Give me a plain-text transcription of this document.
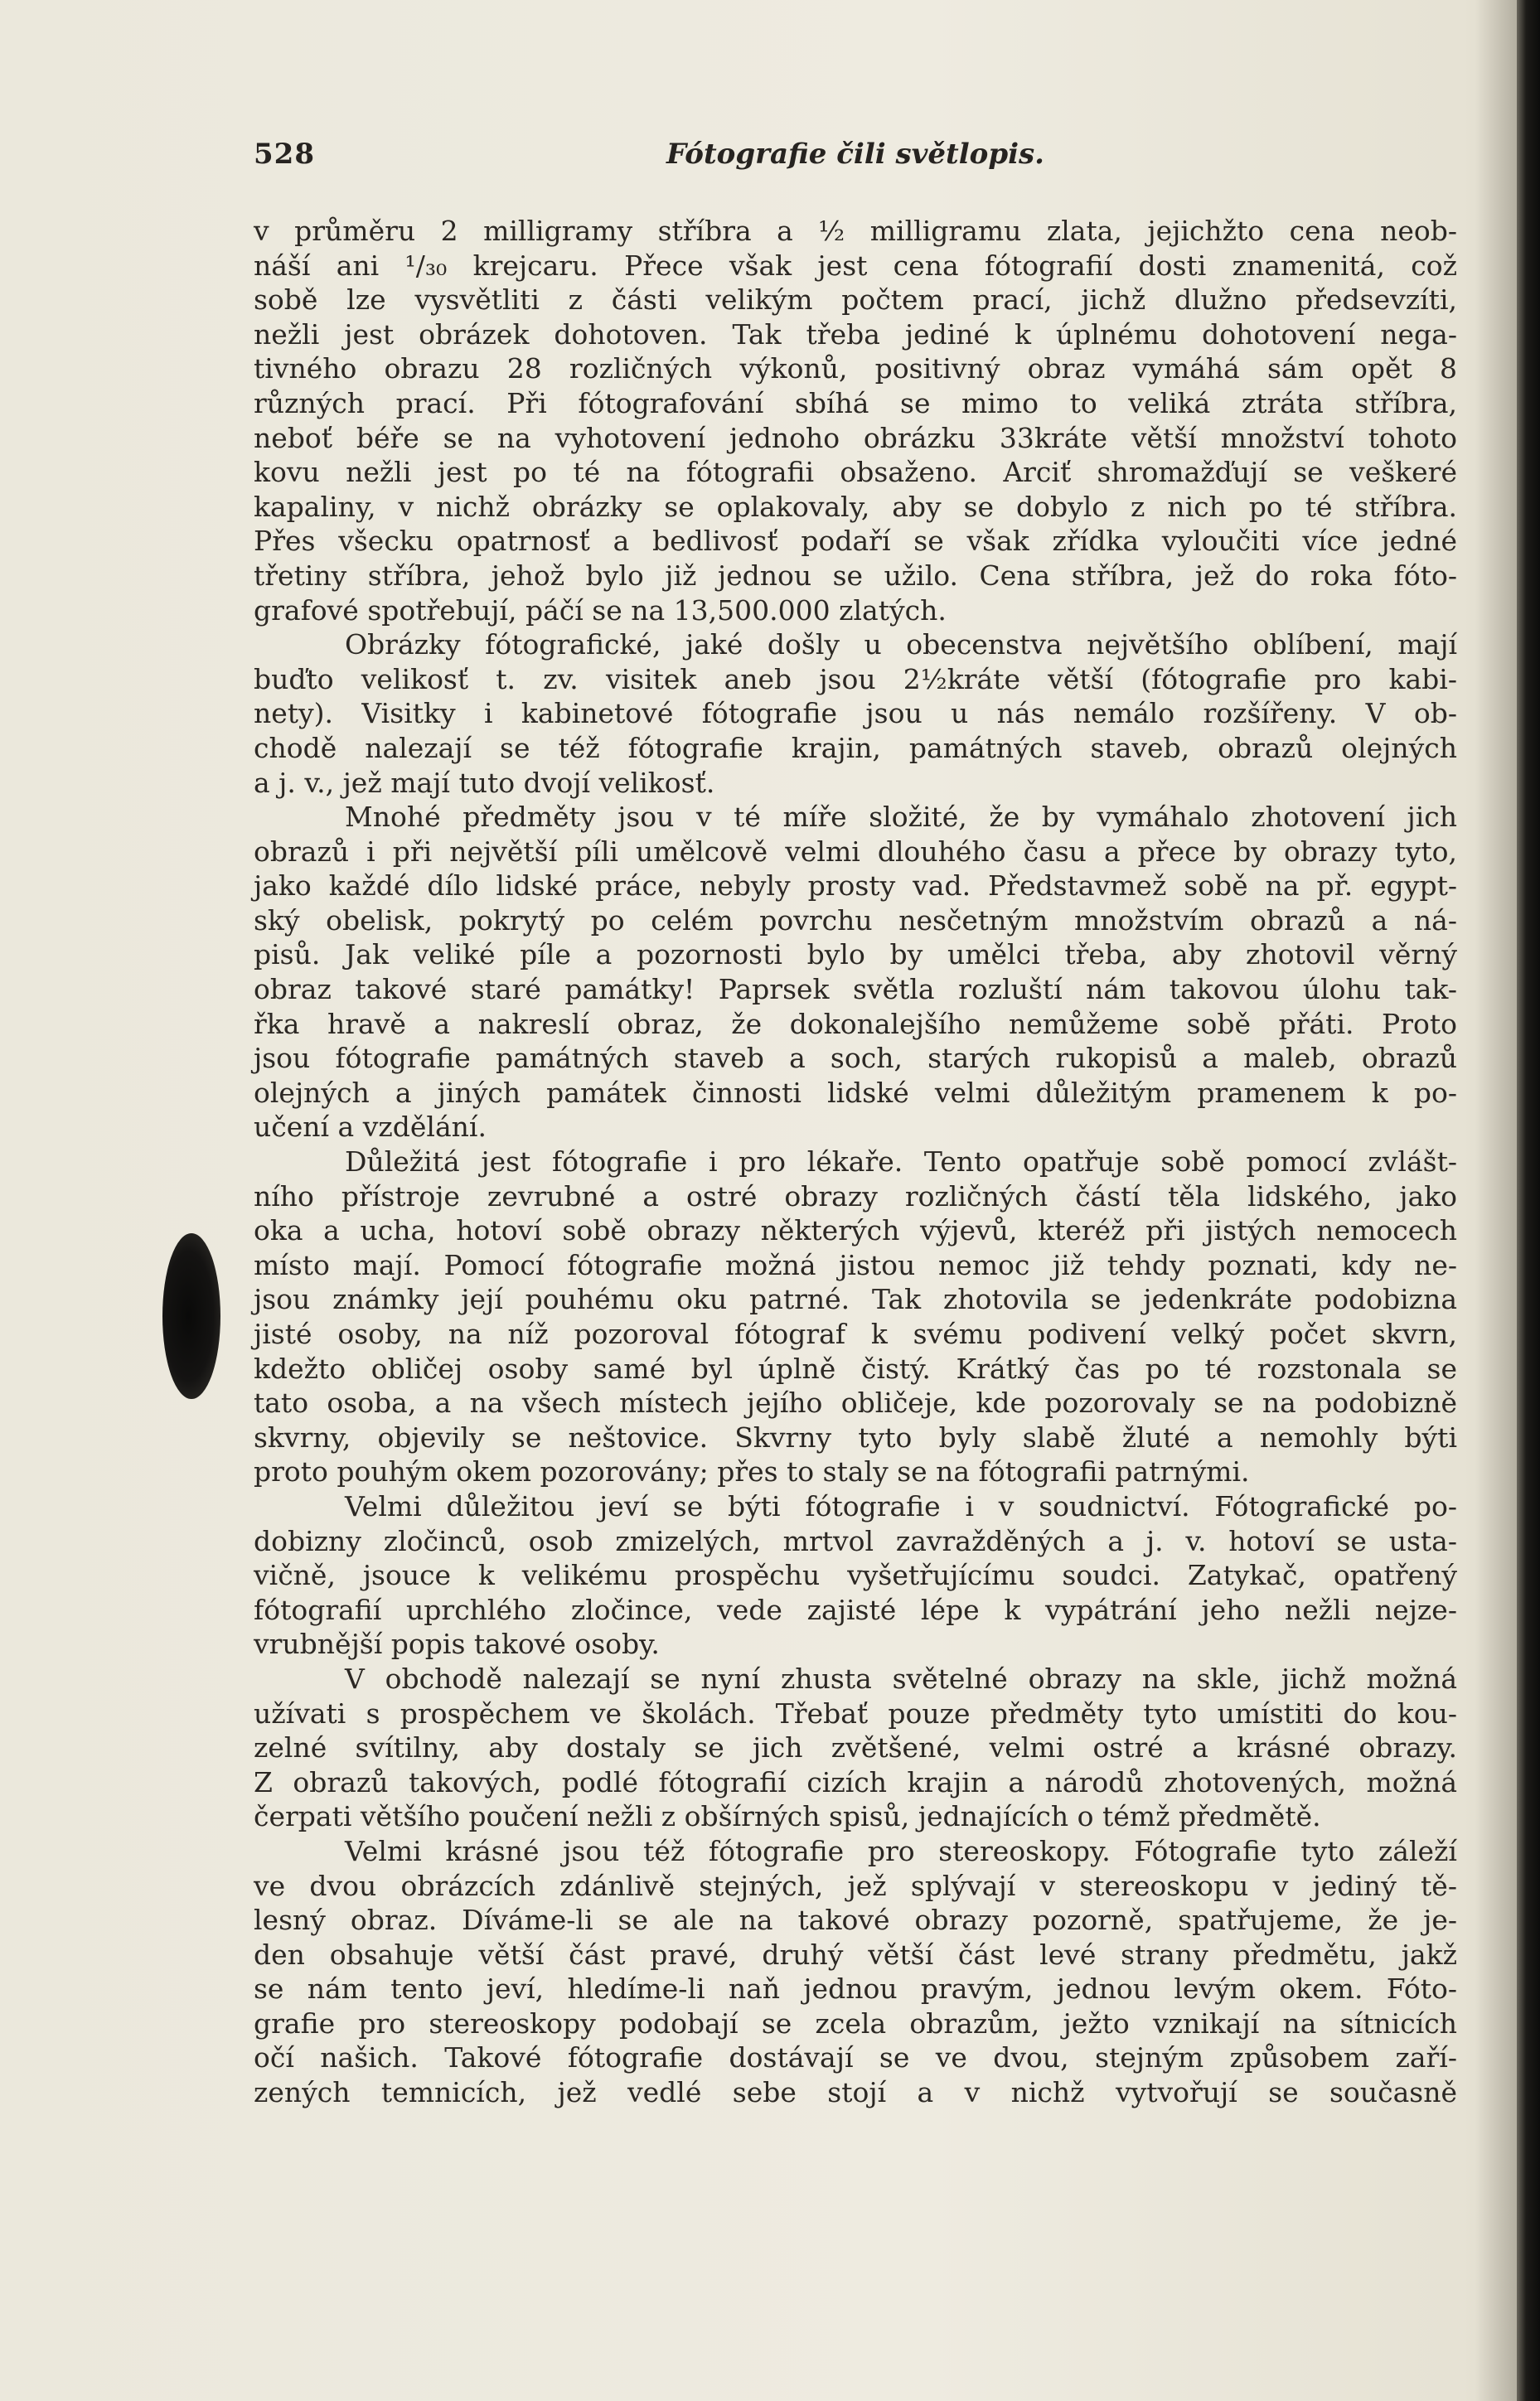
Fótografie čili světlopis.
528
v průměru 2 milligramy stříbra a ½ milligramu zlata, jejichžto cena neob-
náší ani ¹/₃₀ krejcaru. Přece však jest cena fótografií dosti znamenitá, což
sobě lze vysvětliti z části velikým počtem prací, jichž dlužno předsevzíti,
nežli jest obrázek dohotoven. Tak třeba jediné k úplnému dohotovení nega-
tivného obrazu 28 rozličných výkonů, positivný obraz vymáhá sám opět 8
různých prací. Při fótografování sbíhá se mimo to veliká ztráta stříbra,
neboť béře se na vyhotovení jednoho obrázku 33kráte větší množství tohoto
kovu nežli jest po té na fótografii obsaženo. Arciť shromažďují se veškeré
kapaliny, v nichž obrázky se oplakovaly, aby se dobylo z nich po té stříbra.
Přes všecku opatrnosť a bedlivosť podaří se však zřídka vyloučiti více jedné
třetiny stříbra, jehož bylo již jednou se užilo. Cena stříbra, jež do roka fóto-
grafové spotřebují, páčí se na 13,500.000 zlatých.
Obrázky fótografické, jaké došly u obecenstva největšího oblíbení, mají
buďto velikosť t. zv. visitek aneb jsou 2½kráte větší (fótografie pro kabi-
nety). Visitky i kabinetové fótografie jsou u nás nemálo rozšířeny. V ob-
chodě nalezají se též fótografie krajin, památných staveb, obrazů olejných
a j. v., jež mají tuto dvojí velikosť.
Mnohé předměty jsou v té míře složité, že by vymáhalo zhotovení jich
obrazů i při největší píli umělcově velmi dlouhého času a přece by obrazy tyto,
jako každé dílo lidské práce, nebyly prosty vad. Představmež sobě na př. egypt-
ský obelisk, pokrytý po celém povrchu nesčetným množstvím obrazů a ná-
pisů. Jak veliké píle a pozornosti bylo by umělci třeba, aby zhotovil věrný
obraz takové staré památky! Paprsek světla rozluští nám takovou úlohu tak-
řka hravě a nakreslí obraz, že dokonalejšího nemůžeme sobě přáti. Proto
jsou fótografie památných staveb a soch, starých rukopisů a maleb, obrazů
olejných a jiných památek činnosti lidské velmi důležitým pramenem k po-
učení a vzdělání.
Důležitá jest fótografie i pro lékaře. Tento opatřuje sobě pomocí zvlášt-
ního přístroje zevrubné a ostré obrazy rozličných částí těla lidského, jako
oka a ucha, hotoví sobě obrazy některých výjevů, kteréž při jistých nemocech
místo mají. Pomocí fótografie možná jistou nemoc již tehdy poznati, kdy ne-
jsou známky její pouhému oku patrné. Tak zhotovila se jedenkráte podobizna
jisté osoby, na níž pozoroval fótograf k svému podivení velký počet skvrn,
kdežto obličej osoby samé byl úplně čistý. Krátký čas po té rozstonala se
tato osoba, a na všech místech jejího obličeje, kde pozorovaly se na podobizně
skvrny, objevily se neštovice. Skvrny tyto byly slabě žluté a nemohly býti
proto pouhým okem pozorovány; přes to staly se na fótografii patrnými.
Velmi důležitou jeví se býti fótografie i v soudnictví. Fótografické po-
dobizny zločinců, osob zmizelých, mrtvol zavražděných a j. v. hotoví se usta-
vičně, jsouce k velikému prospěchu vyšetřujícímu soudci. Zatykač, opatřený
fótografií uprchlého zločince, vede zajisté lépe k vypátrání jeho nežli nejze-
vrubnější popis takové osoby.
V obchodě nalezají se nyní zhusta světelné obrazy na skle, jichž možná
užívati s prospěchem ve školách. Třebať pouze předměty tyto umístiti do kou-
zelné svítilny, aby dostaly se jich zvětšené, velmi ostré a krásné obrazy.
Z obrazů takových, podlé fótografií cizích krajin a národů zhotovených, možná
čerpati většího poučení nežli z obšírných spisů, jednajících o témž předmětě.
Velmi krásné jsou též fótografie pro stereoskopy. Fótografie tyto záleží
ve dvou obrázcích zdánlivě stejných, jež splývají v stereoskopu v jediný tě-
lesný obraz. Díváme-li se ale na takové obrazy pozorně, spatřujeme, že je-
den obsahuje větší část pravé, druhý větší část levé strany předmětu, jakž
se nám tento jeví, hledíme-li naň jednou pravým, jednou levým okem. Fóto-
grafie pro stereoskopy podobají se zcela obrazům, ježto vznikají na sítnicích
očí našich. Takové fótografie dostávají se ve dvou, stejným způsobem zaří-
zených temnicích, jež vedlé sebe stojí a v nichž vytvořují se současně
